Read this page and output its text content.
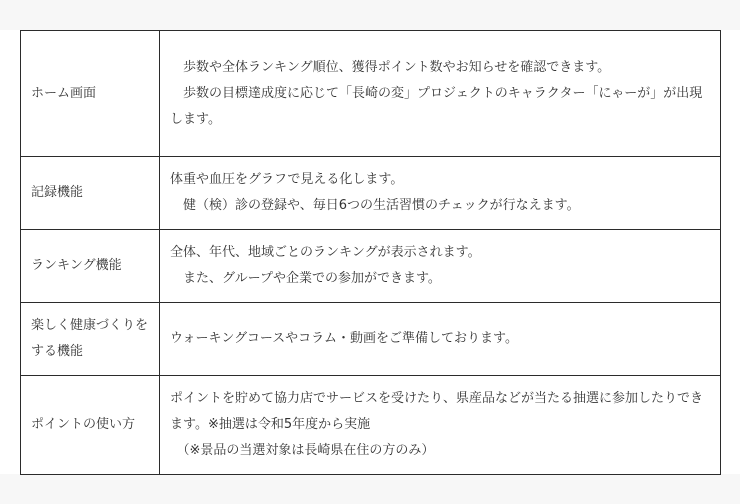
ホーム画面	　歩数や全体ランキング順位、獲得ポイント数やお知らせを確認できます。
　歩数の目標達成度に応じて「長崎の変」プロジェクトのキャラクター「にゃーが」が出現します。

記録機能	体重や血圧をグラフで見える化します。
　健（検）診の登録や、毎日6つの生活習慣のチェックが行なえます。

ランキング機能	全体、年代、地域ごとのランキングが表示されます。
　また、グループや企業での参加ができます。

楽しく健康づくりをする機能	ウォーキングコースやコラム・動画をご準備しております。

ポイントの使い方	ポイントを貯めて協力店でサービスを受けたり、県産品などが当たる抽選に参加したりできます。※抽選は令和5年度から実施
　（※景品の当選対象は長崎県在住の方のみ）
